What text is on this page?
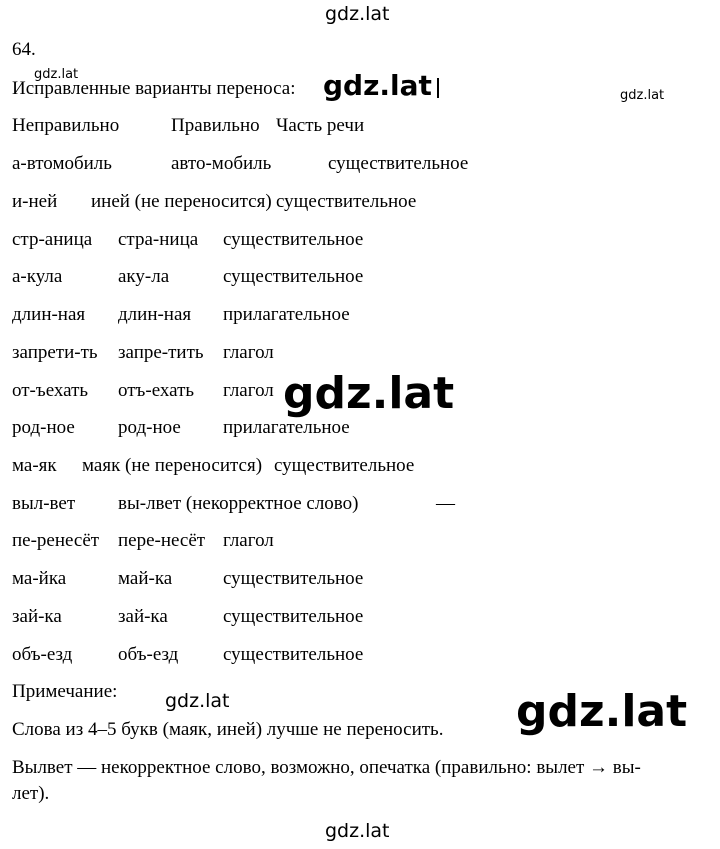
gdz.lat
gdz.lat
gdz.lat
gdz.lat
gdz.lat
gdz.lat	gdz.lat
gdz.lat
64.
Исправленные варианты переноса:
Неправильно	Правильно Часть речи
а-втомобиль	авто-мобиль	существительное
и-ней иней (не переносится) существительное
стр-аница стра-ница существительное
а-кула	аку-ла	существительное
длин-ная длин-ная прилагательное
запрети-ть запре-тить глагол
от-ъехать отъ-ехать глагол
род-ное род-ное прилагательное
ма-як маяк (не переносится) существительное
выл-вет вы-лвет (некорректное слово)	—
пе-ренесёт пере-несёт глагол
ма-йка	май-ка	существительное
зай-ка	зай-ка	существительное
объ-езд объ-езд существительное
Примечание:
Слова из 4–5 букв (маяк, иней) лучше не переносить.
Вылвет — некорректное слово, возможно, опечатка (правильно: вылет → вы-
лет).
